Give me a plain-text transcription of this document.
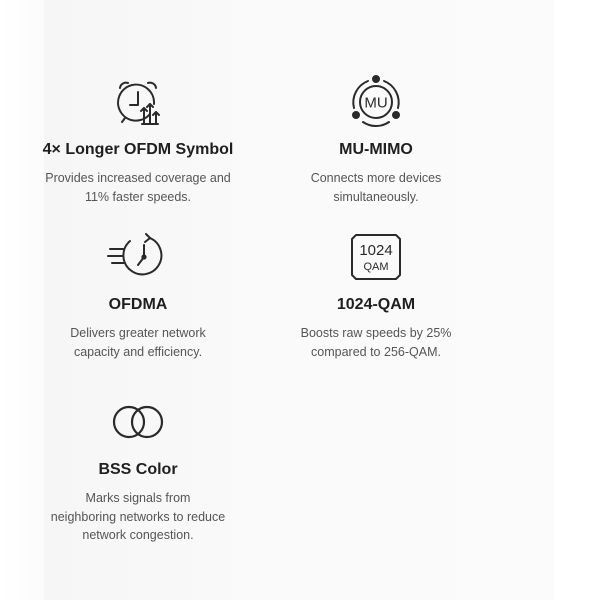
4× Longer OFDM Symbol
Provides increased coverage and
11% faster speeds.
MU
MU-MIMO
Connects more devices
simultaneously.
OFDMA
Delivers greater network
capacity and efficiency.
1024
QAM
1024-QAM
Boosts raw speeds by 25%
compared to 256-QAM.
BSS Color
Marks signals from
neighboring networks to reduce
network congestion.
